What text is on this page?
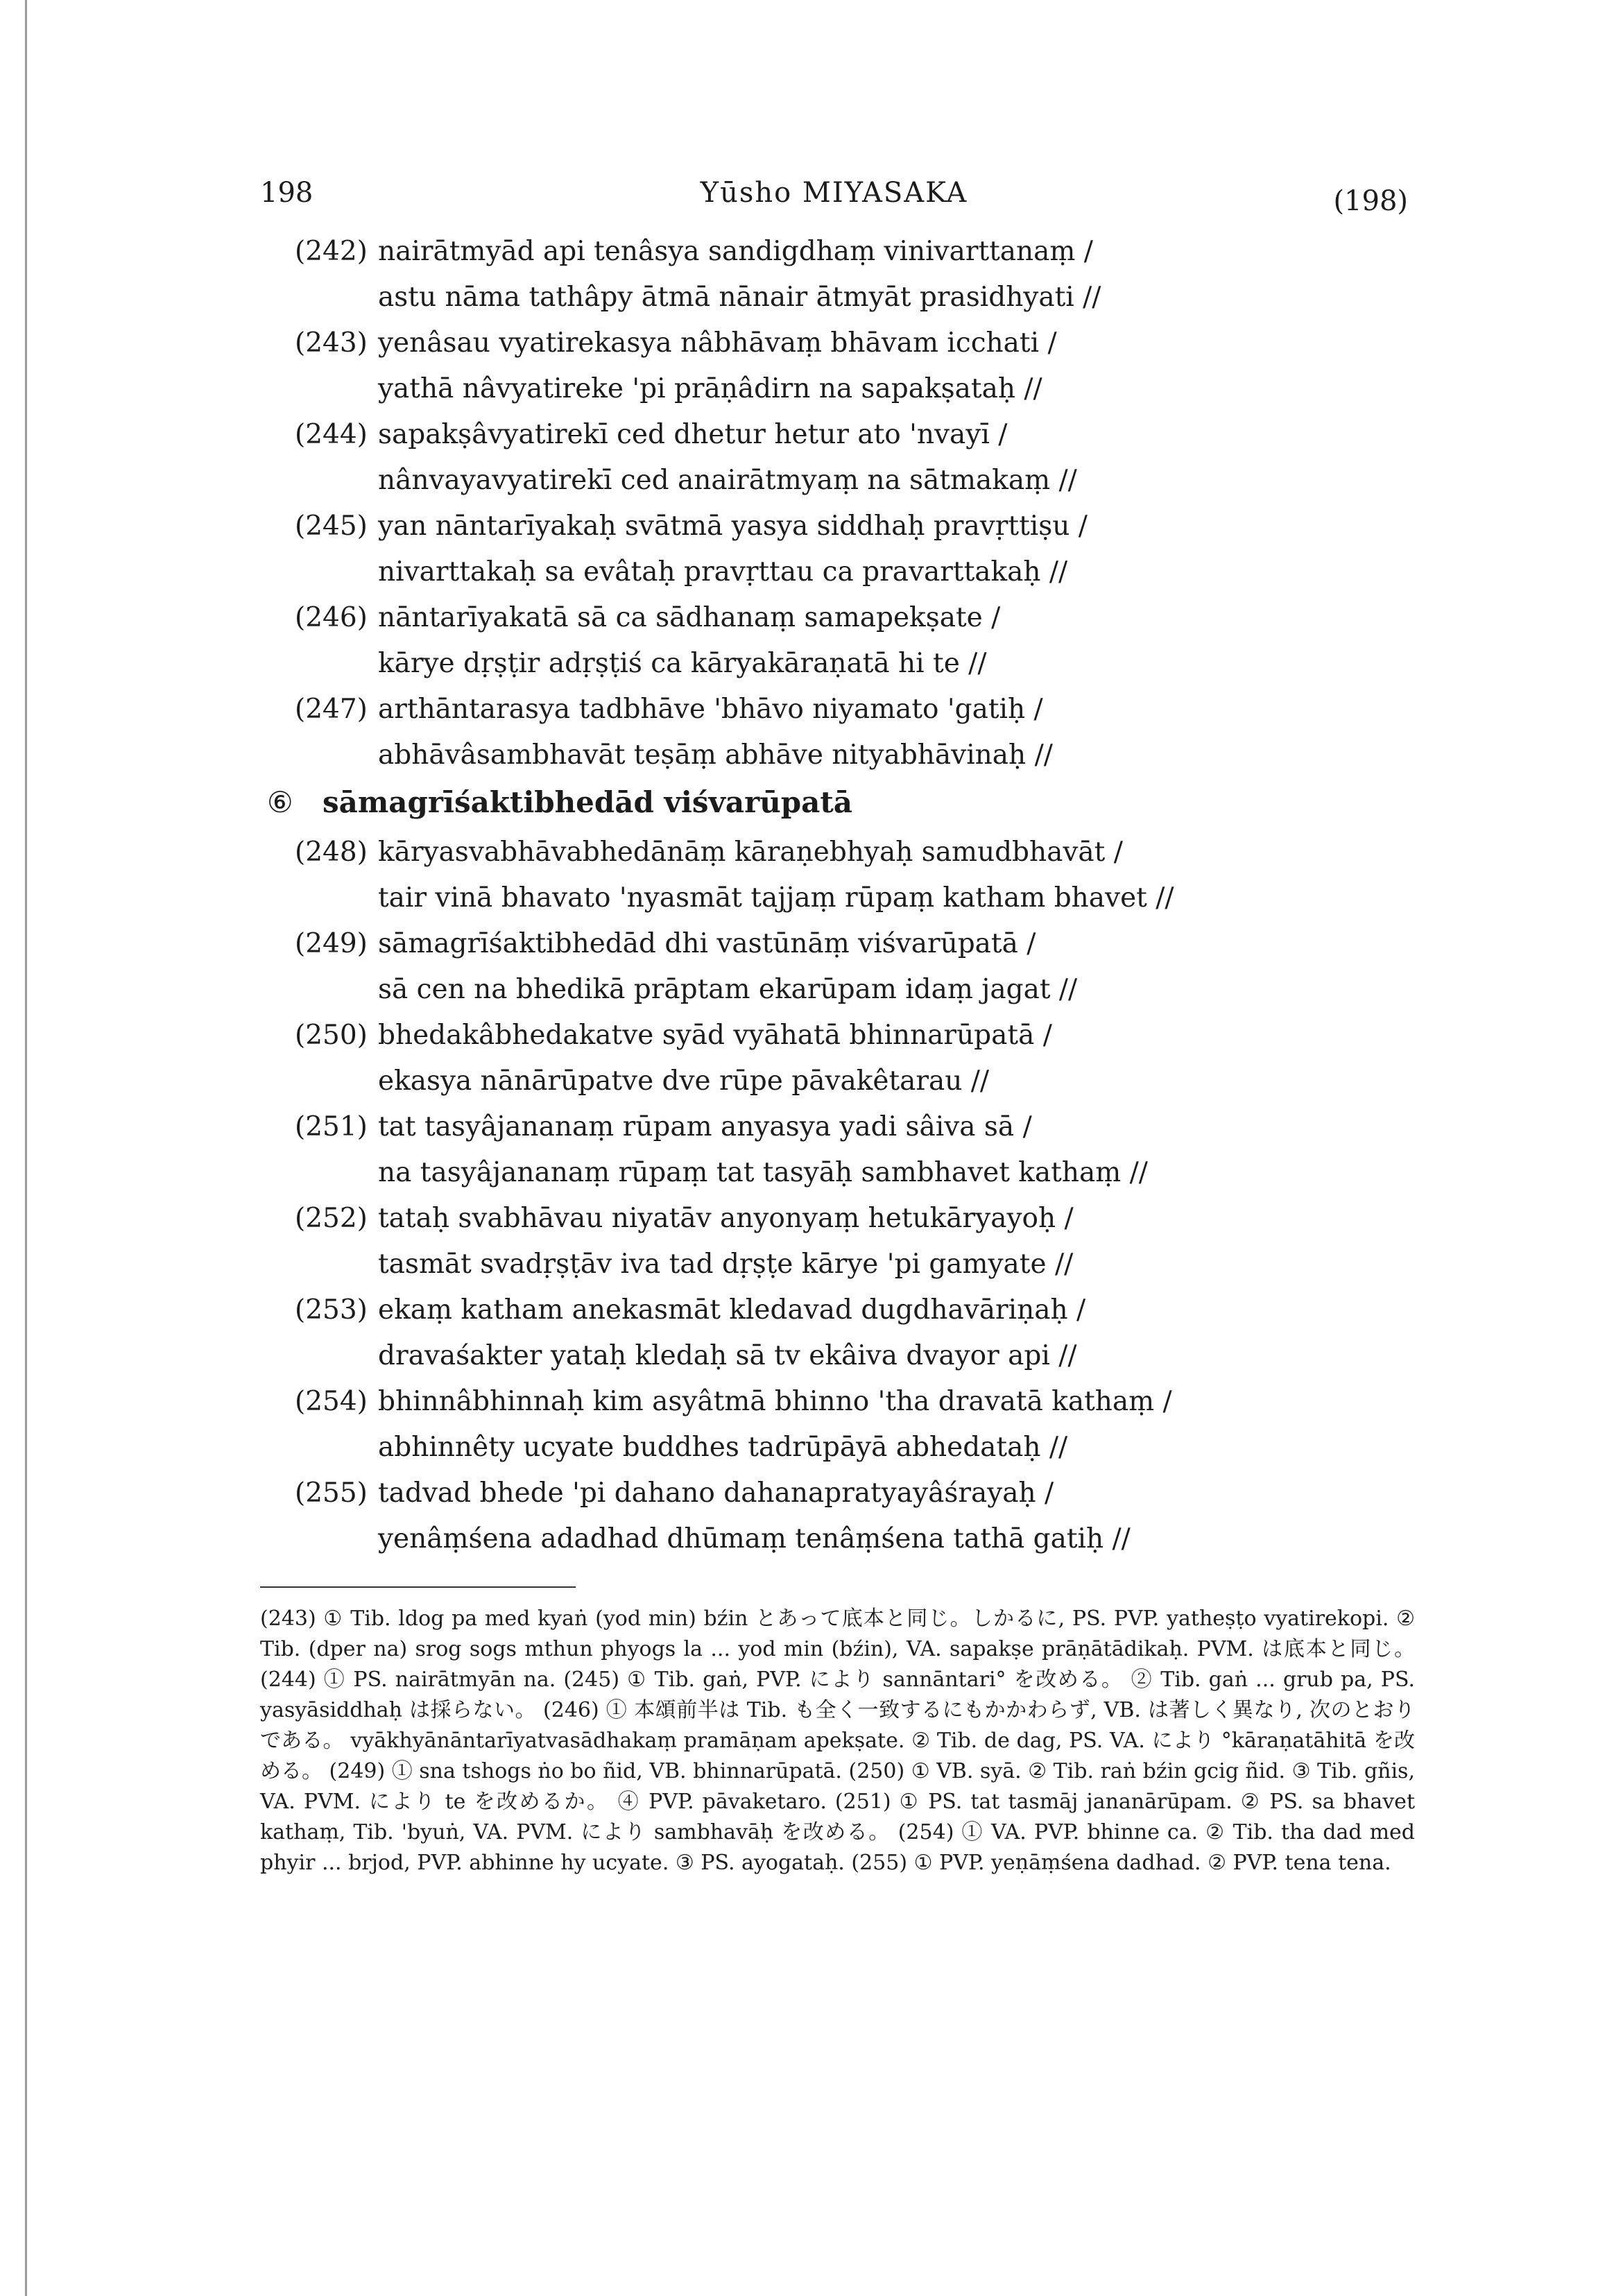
198	Yūsho MIYASAKA	(198)
(242) nairātmyād api tenâsya sandigdhaṃ vinivarttanaṃ /
astu nāma tathâpy ātmā nānair ātmyāt prasidhyati //
(243) yenâsau vyatirekasya nâbhāvaṃ bhāvam icchati /
yathā nâvyatireke 'pi prāṇâdirn na sapakṣataḥ //
(244) sapakṣâvyatirekī ced dhetur hetur ato 'nvayī /
nânvayavyatirekī ced anairātmyaṃ na sātmakaṃ //
(245) yan nāntarīyakaḥ svātmā yasya siddhaḥ pravṛttiṣu /
nivarttakaḥ sa evâtaḥ pravṛttau ca pravarttakaḥ //
(246) nāntarīyakatā sā ca sādhanaṃ samapekṣate /
kārye dṛṣṭir adṛṣṭiś ca kāryakāraṇatā hi te //
(247) arthāntarasya tadbhāve 'bhāvo niyamato 'gatiḥ /
abhāvâsambhavāt teṣāṃ abhāve nityabhāvinaḥ //
⑥ sāmagrīśaktibhedād viśvarūpatā
(248) kāryasvabhāvabhedānāṃ kāraṇebhyaḥ samudbhavāt /
tair vinā bhavato 'nyasmāt tajjaṃ rūpaṃ katham bhavet //
(249) sāmagrīśaktibhedād dhi vastūnāṃ viśvarūpatā /
sā cen na bhedikā prāptam ekarūpam idaṃ jagat //
(250) bhedakâbhedakatve syād vyāhatā bhinnarūpatā /
ekasya nānārūpatve dve rūpe pāvakêtarau //
(251) tat tasyâjananaṃ rūpam anyasya yadi sâiva sā /
na tasyâjananaṃ rūpaṃ tat tasyāḥ sambhavet kathaṃ //
(252) tataḥ svabhāvau niyatāv anyonyaṃ hetukāryayoḥ /
tasmāt svadṛṣṭāv iva tad dṛṣṭe kārye 'pi gamyate //
(253) ekaṃ katham anekasmāt kledavad dugdhavāriṇaḥ /
dravaśakter yataḥ kledaḥ sā tv ekâiva dvayor api //
(254) bhinnâbhinnaḥ kim asyâtmā bhinno 'tha dravatā kathaṃ /
abhinnêty ucyate buddhes tadrūpāyā abhedataḥ //
(255) tadvad bhede 'pi dahano dahanapratyayâśrayaḥ /
yenâṃśena adadhad dhūmaṃ tenâṃśena tathā gatiḥ //

(243) ① Tib. ldog pa med kyaṅ (yod min) bźin とあって底本と同じ。しかるに, PS. PVP. yatheṣṭo vyatirekopi. ② Tib. (dper na) srog sogs mthun phyogs la ... yod min (bźin), VA. sapakṣe prāṇātādikaḥ. PVM. は底本と同じ。 (244) ① PS. nairātmyān na. (245) ① Tib. gaṅ, PVP. により sannāntari° を改める。 ② Tib. gaṅ ... grub pa, PS. yasyāsiddhaḥ は採らない。 (246) ① 本頌前半は Tib. も全く一致するにもかかわらず, VB. は著しく異なり, 次のとおりである。 vyākhyānāntarīyatvasādhakaṃ pramāṇam apekṣate. ② Tib. de dag, PS. VA. により °kāraṇatāhitā を改める。 (249) ① sna tshogs ṅo bo ñid, VB. bhinnarūpatā. (250) ① VB. syā. ② Tib. raṅ bźin gcig ñid. ③ Tib. gñis, VA. PVM. により te を改めるか。 ④ PVP. pāvaketaro. (251) ① PS. tat tasmāj jananārūpam. ② PS. sa bhavet kathaṃ, Tib. 'byuṅ, VA. PVM. により sambhavāḥ を改める。 (254) ① VA. PVP. bhinne ca. ② Tib. tha dad med phyir ... brjod, PVP. abhinne hy ucyate. ③ PS. ayogataḥ. (255) ① PVP. yeṇāṃśena dadhad. ② PVP. tena tena.
